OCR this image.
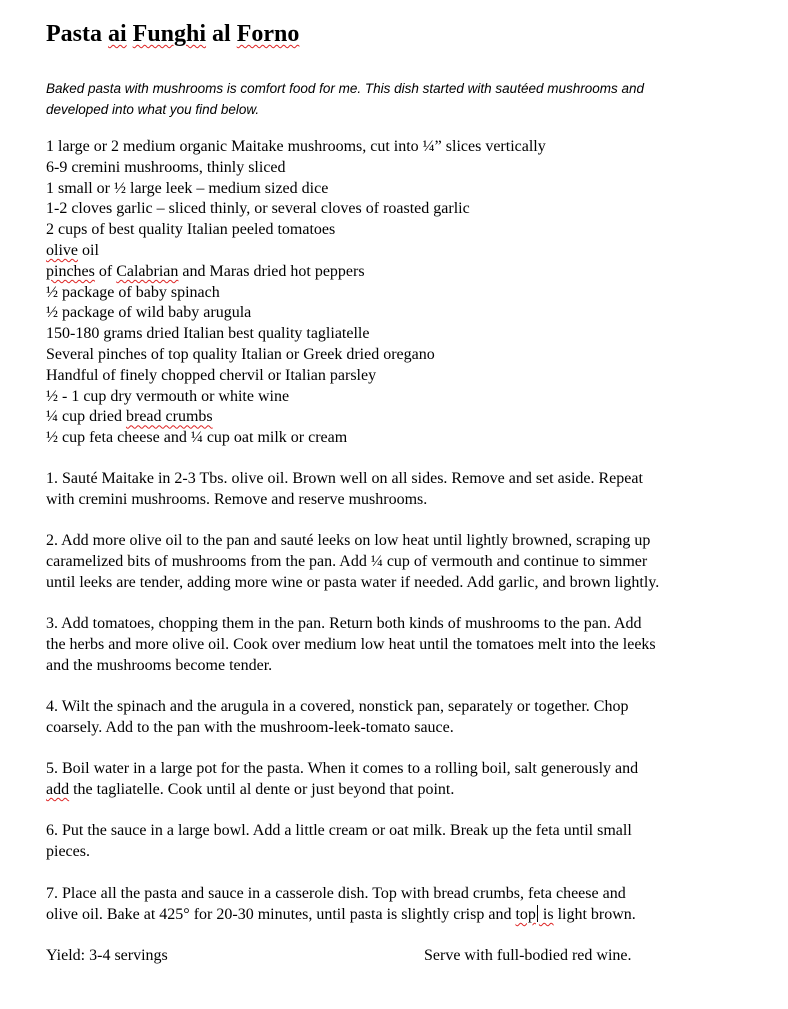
Pasta ai Funghi al Forno
Baked pasta with mushrooms is comfort food for me. This dish started with sautéed mushrooms and
developed into what you find below.
1 large or 2 medium organic Maitake mushrooms, cut into ¼” slices vertically
6-9 cremini mushrooms, thinly sliced
1 small or ½ large leek – medium sized dice
1-2 cloves garlic – sliced thinly, or several cloves of roasted garlic
2 cups of best quality Italian peeled tomatoes
olive oil
pinches of Calabrian and Maras dried hot peppers
½ package of baby spinach
½ package of wild baby arugula
150-180 grams dried Italian best quality tagliatelle
Several pinches of top quality Italian or Greek dried oregano
Handful of finely chopped chervil or Italian parsley
½ - 1 cup dry vermouth or white wine
¼ cup dried bread crumbs
½ cup feta cheese and ¼ cup oat milk or cream
1. Sauté Maitake in 2-3 Tbs. olive oil. Brown well on all sides. Remove and set aside. Repeat
with cremini mushrooms. Remove and reserve mushrooms.
2. Add more olive oil to the pan and sauté leeks on low heat until lightly browned, scraping up
caramelized bits of mushrooms from the pan. Add ¼ cup of vermouth and continue to simmer
until leeks are tender, adding more wine or pasta water if needed. Add garlic, and brown lightly.
3. Add tomatoes, chopping them in the pan. Return both kinds of mushrooms to the pan. Add
the herbs and more olive oil. Cook over medium low heat until the tomatoes melt into the leeks
and the mushrooms become tender.
4. Wilt the spinach and the arugula in a covered, nonstick pan, separately or together. Chop
coarsely. Add to the pan with the mushroom-leek-tomato sauce.
5. Boil water in a large pot for the pasta. When it comes to a rolling boil, salt generously and
add the tagliatelle. Cook until al dente or just beyond that point.
6. Put the sauce in a large bowl. Add a little cream or oat milk. Break up the feta until small
pieces.
7. Place all the pasta and sauce in a casserole dish. Top with bread crumbs, feta cheese and
olive oil. Bake at 425° for 20-30 minutes, until pasta is slightly crisp and top is light brown.
Yield: 3-4 servings	Serve with full-bodied red wine.
